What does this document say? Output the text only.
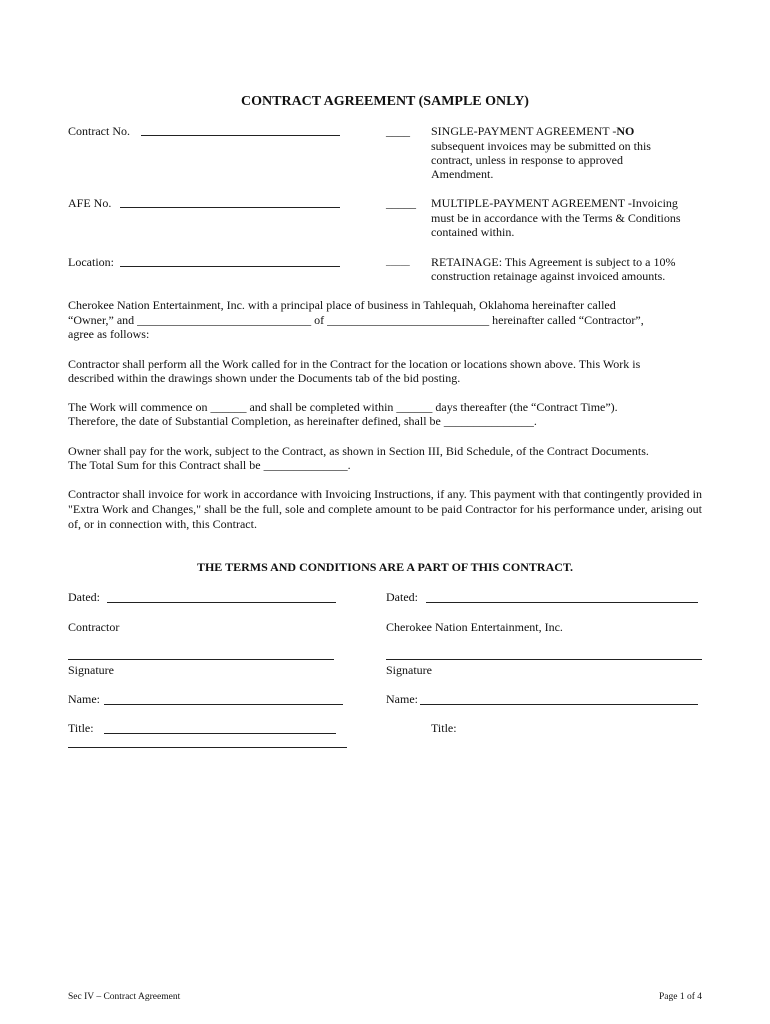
CONTRACT AGREEMENT (SAMPLE ONLY)
Contract No.	____ SINGLE-PAYMENT AGREEMENT -NO
subsequent invoices may be submitted on this
contract, unless in response to approved
Amendment.
AFE No.	_____ MULTIPLE-PAYMENT AGREEMENT -Invoicing
must be in accordance with the Terms & Conditions
contained within.
Location:	_____ RETAINAGE: This Agreement is subject to a 10%
construction retainage against invoiced amounts.
Cherokee Nation Entertainment, Inc. with a principal place of business in Tahlequah, Oklahoma hereinafter called
“Owner,” and _____________________________ of ___________________________ hereinafter called “Contractor”,
agree as follows:
Contractor shall perform all the Work called for in the Contract for the location or locations shown above. This Work is
described within the drawings shown under the Documents tab of the bid posting.
The Work will commence on ______ and shall be completed within ______ days thereafter (the “Contract Time”).
Therefore, the date of Substantial Completion, as hereinafter defined, shall be _______________.
Owner shall pay for the work, subject to the Contract, as shown in Section III, Bid Schedule, of the Contract Documents.
The Total Sum for this Contract shall be ______________.
Contractor shall invoice for work in accordance with Invoicing Instructions, if any. This payment with that contingently provided in "Extra Work and Changes," shall be the full, sole and complete amount to be paid Contractor for his performance under, arising out of, or in connection with, this Contract.
THE TERMS AND CONDITIONS ARE A PART OF THIS CONTRACT.
Dated:
Contractor
Signature
Name:
Title:
Dated:
Cherokee Nation Entertainment, Inc.
Signature
Name:
Title:
Sec IV – Contract Agreement	Page 1 of 4
